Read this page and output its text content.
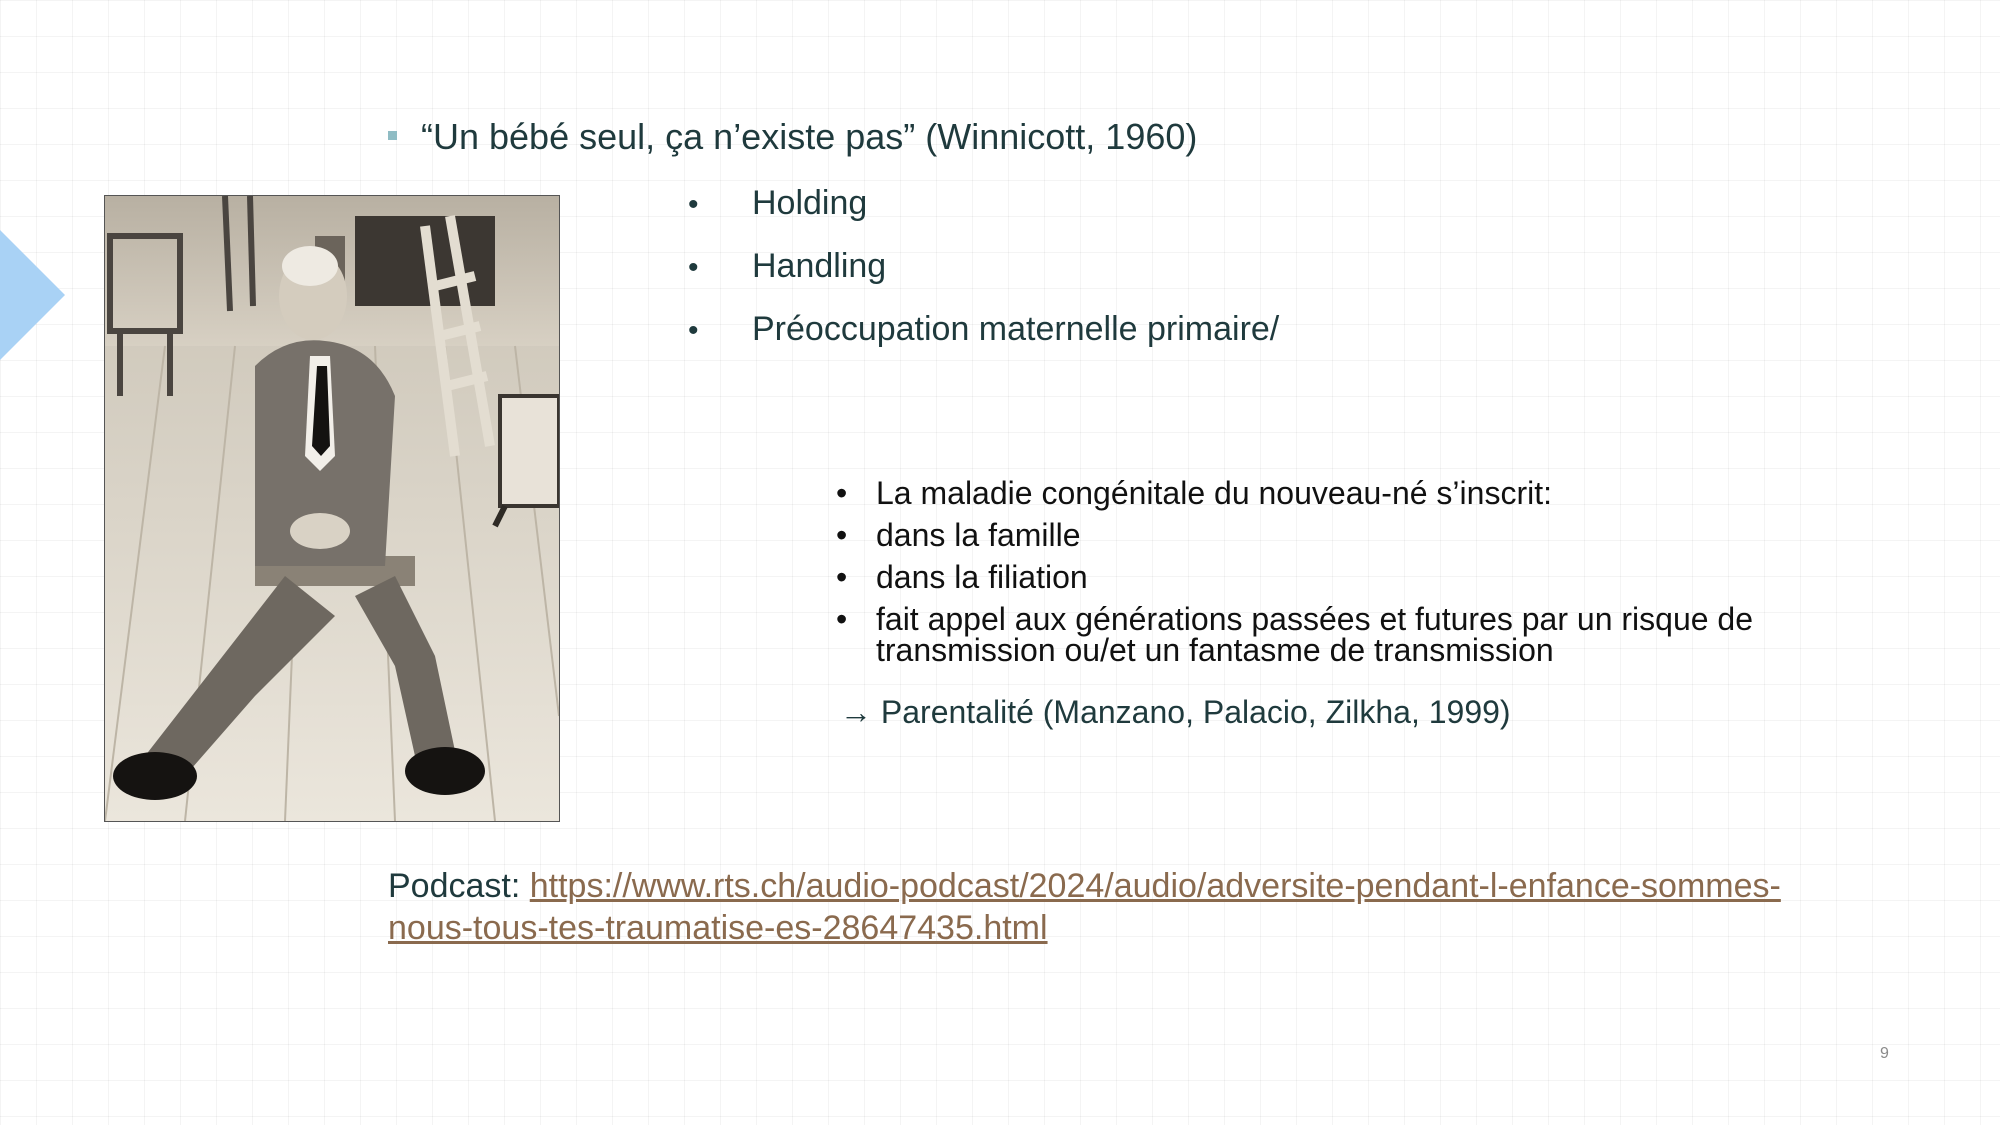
“Un bébé seul, ça n’existe pas” (Winnicott, 1960)
• Holding
• Handling
• Préoccupation maternelle primaire/
• La maladie congénitale du nouveau-né s’inscrit:
• dans la famille
• dans la filiation
• fait appel aux générations passées et futures par un risque de transmission ou/et un fantasme de transmission
→ Parentalité (Manzano, Palacio, Zilkha, 1999)
Podcast: https://www.rts.ch/audio-podcast/2024/audio/adversite-pendant-l-enfance-sommes-nous-tous-tes-traumatise-es-28647435.html
9
